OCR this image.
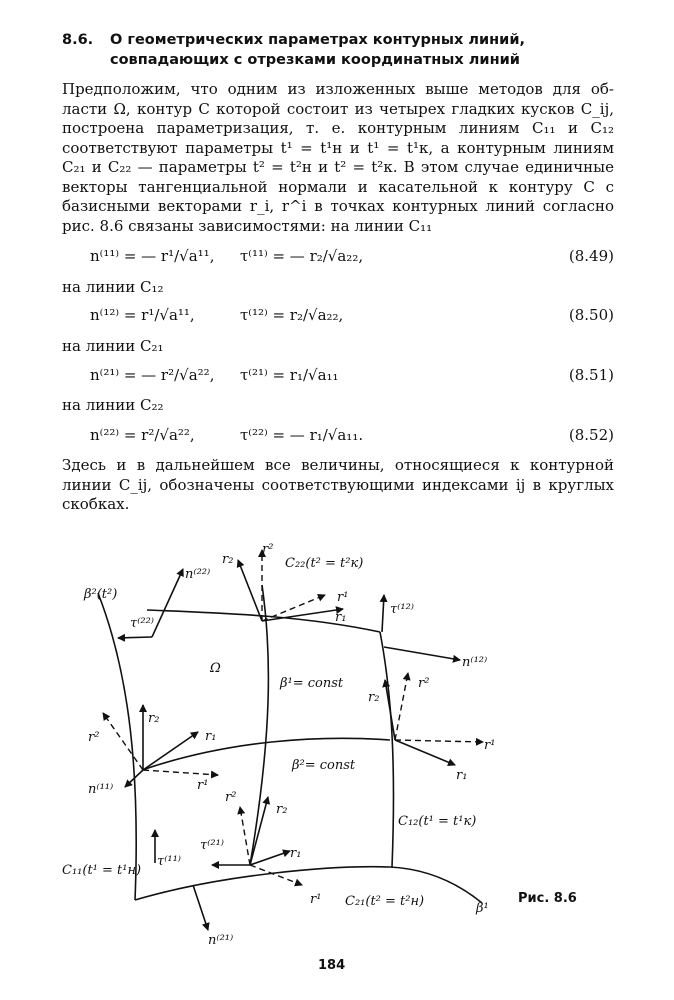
8.6. О геометрических параметрах контурных линий,
совпадающих с отрезками координатных линий
Предположим, что одним из изложенных выше методов для об-
ласти Ω, контур C которой состоит из четырех гладких кусков C_ij,
построена параметризация, т. е. контурным линиям C₁₁ и C₁₂
соответствуют параметры t¹ = t¹н и t¹ = t¹к, а контурным линиям
C₂₁ и C₂₂ — параметры t² = t²н и t² = t²к. В этом случае единичные
векторы тангенциальной нормали и касательной к контуру C с
базисными векторами r_i, r^i в точках контурных линий согласно
рис. 8.6 связаны зависимостями: на линии C₁₁
n⁽¹¹⁾ = — r¹/√a¹¹, τ⁽¹¹⁾ = — r₂/√a₂₂,	(8.49)
на линии C₁₂
n⁽¹²⁾ = r¹/√a¹¹,	τ⁽¹²⁾ = r₂/√a₂₂,	(8.50)
на линии C₂₁
n⁽²¹⁾ = — r²/√a²², τ⁽²¹⁾ = r₁/√a₁₁	(8.51)
на линии C₂₂
n⁽²²⁾ = r²/√a²²,	τ⁽²²⁾ = — r₁/√a₁₁.	(8.52)
Здесь и в дальнейшем все величины, относящиеся к контурной
линии C_ij, обозначены соответствующими индексами ij в круглых
скобках.
β²(t²)
τ⁽²²⁾
n⁽²²⁾
r₂
r²
C₂₂(t² = t²к)
r¹
r₁
τ⁽¹²⁾
n⁽¹²⁾
Ω
β¹= const
r₂
r²
r¹
r₁
r²
r₂
r₁
r¹
n⁽¹¹⁾
β²= const
r²
r₂
C₁₂(t¹ = t¹к)
τ⁽²¹⁾
C₁₁(t¹ = t¹н)
τ⁽¹¹⁾
r₁
r¹ C₂₁(t² = t²н)	β¹
n⁽²¹⁾
Рис. 8.6
184
